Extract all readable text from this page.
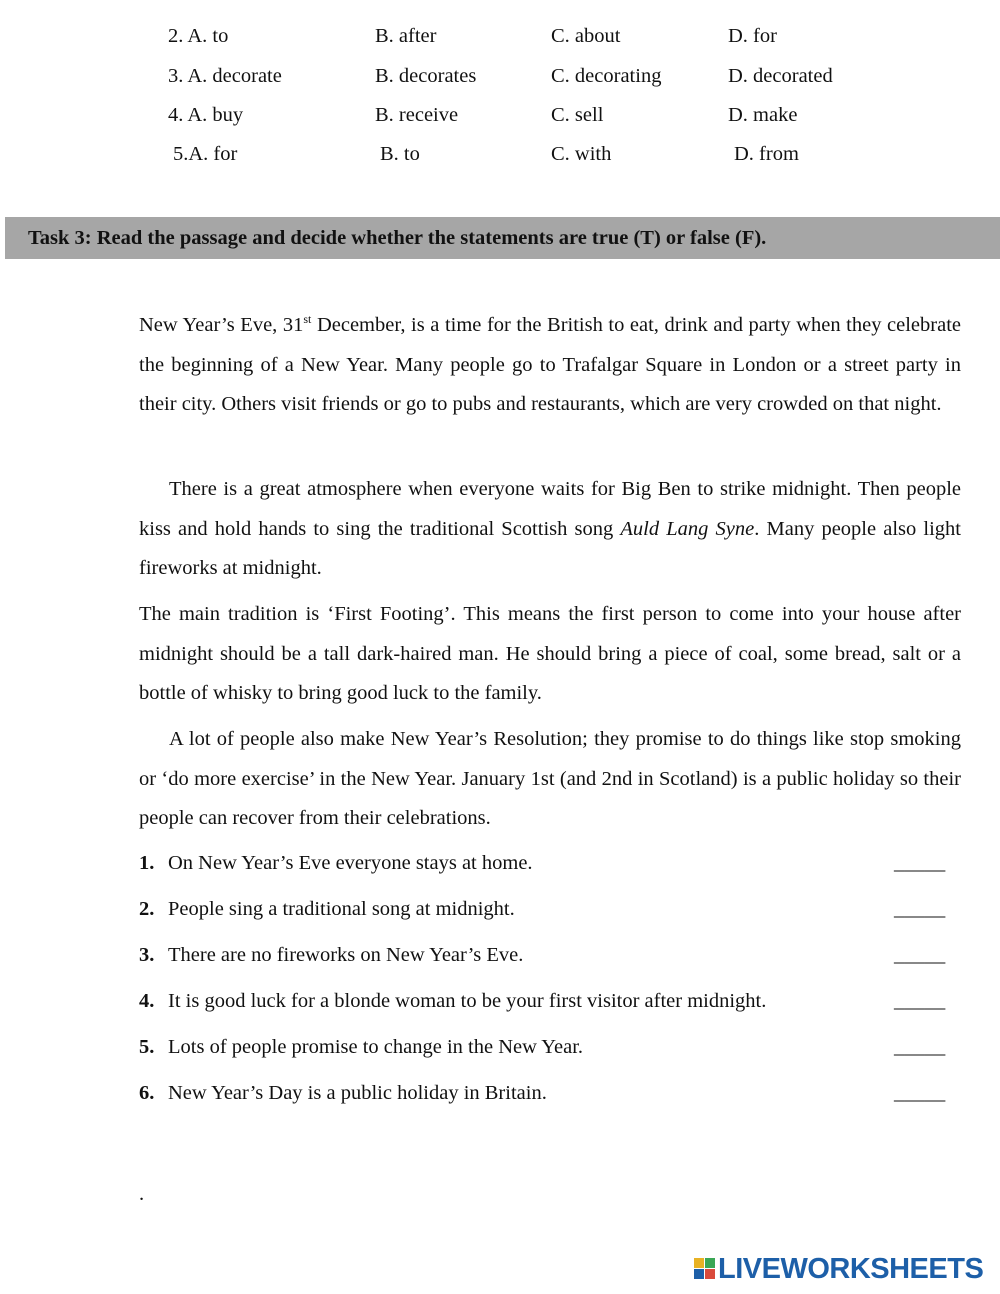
2. A. to	B. after	C. about	D. for
3. A. decorate	B. decorates	C. decorating	D. decorated
4. A. buy	B. receive	C. sell	D. make
5.A. for	B. to	C. with	D. from
Task 3: Read the passage and decide whether the statements are true (T) or false (F).

New Year’s Eve, 31st December, is a time for the British to eat, drink and party when they celebrate the beginning of a New Year. Many people go to Trafalgar Square in London or a street party in their city. Others visit friends or go to pubs and restaurants, which are very crowded on that night.

There is a great atmosphere when everyone waits for Big Ben to strike midnight. Then people kiss and hold hands to sing the traditional Scottish song Auld Lang Syne. Many people also light fireworks at midnight.

The main tradition is ‘First Footing’. This means the first person to come into your house after midnight should be a tall dark-haired man. He should bring a piece of coal, some bread, salt or a bottle of whisky to bring good luck to the family.

A lot of people also make New Year’s Resolution; they promise to do things like stop smoking or ‘do more exercise’ in the New Year. January 1st (and 2nd in Scotland) is a public holiday so their people can recover from their celebrations.

1. On New Year’s Eve everyone stays at home.	_____
2. People sing a traditional song at midnight.	_____
3. There are no fireworks on New Year’s Eve.	_____
4. It is good luck for a blonde woman to be your first visitor after midnight.	_____
5. Lots of people promise to change in the New Year.	_____
6. New Year’s Day is a public holiday in Britain.	_____
.
LIVEWORKSHEETS
